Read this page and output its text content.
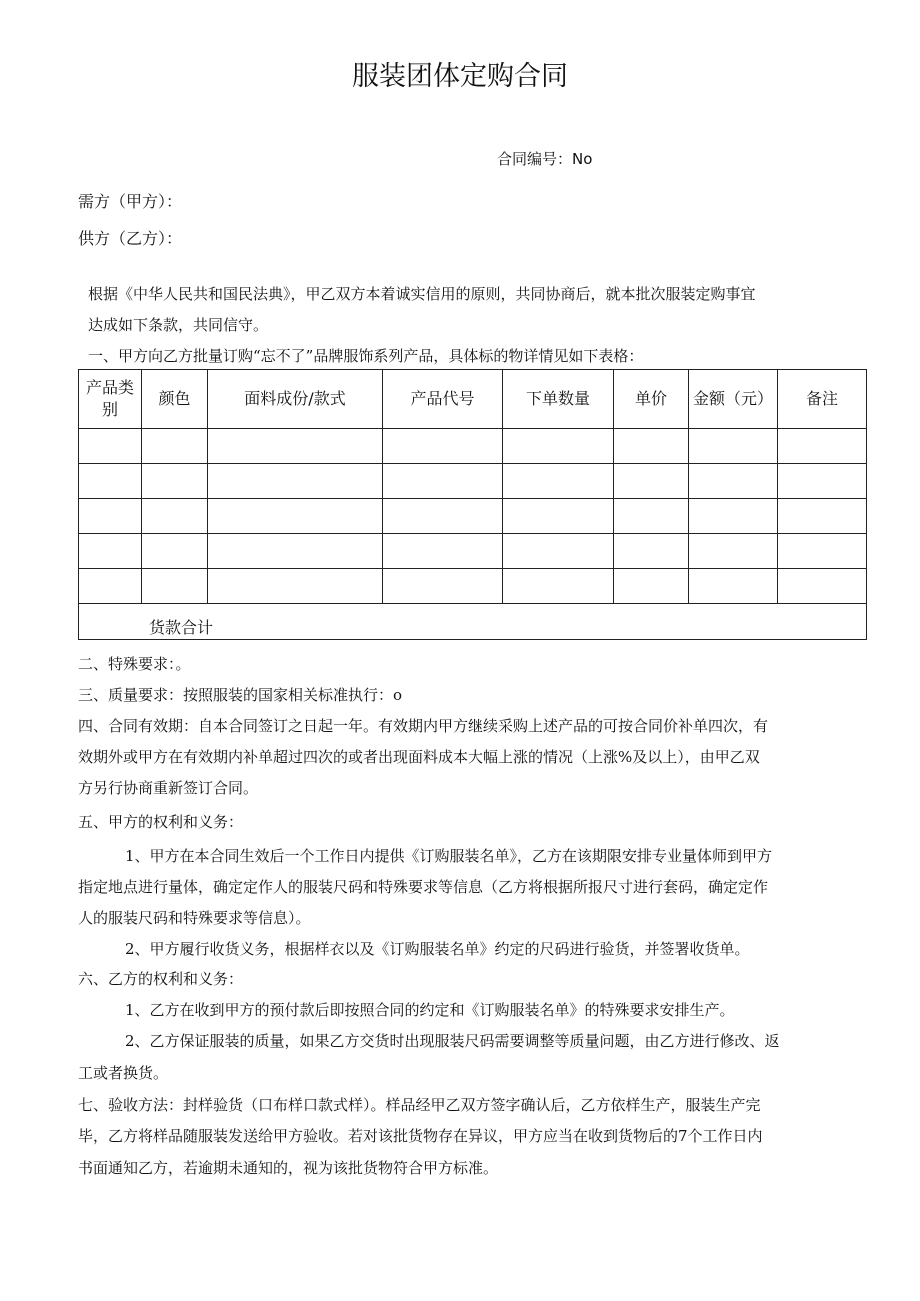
服装团体定购合同
合同编号：No
需方（甲方）：
供方（乙方）：
根据《中华人民共和国民法典》，甲乙双方本着诚实信用的原则，共同协商后，就本批次服装定购事宜
达成如下条款，共同信守。
一、甲方向乙方批量订购“忘不了”品牌服饰系列产品，具体标的物详情见如下表格：
产品类别	颜色	面料成份/款式	产品代号	下单数量	单价	金额（元）	备注

货款合计							
二、特殊要求：。
三、质量要求：按照服装的国家相关标准执行：o
四、合同有效期：自本合同签订之日起一年。有效期内甲方继续采购上述产品的可按合同价补单四次，有
效期外或甲方在有效期内补单超过四次的或者出现面料成本大幅上涨的情况（上涨%及以上），由甲乙双
方另行协商重新签订合同。
五、甲方的权利和义务：
1、甲方在本合同生效后一个工作日内提供《订购服装名单》，乙方在该期限安排专业量体师到甲方
指定地点进行量体，确定定作人的服装尺码和特殊要求等信息（乙方将根据所报尺寸进行套码，确定定作
人的服装尺码和特殊要求等信息）。
2、甲方履行收货义务，根据样衣以及《订购服装名单》约定的尺码进行验货，并签署收货单。
六、乙方的权利和义务：
1、乙方在收到甲方的预付款后即按照合同的约定和《订购服装名单》的特殊要求安排生产。
2、乙方保证服装的质量，如果乙方交货时出现服装尺码需要调整等质量问题，由乙方进行修改、返
工或者换货。
七、验收方法：封样验货（口布样口款式样）。样品经甲乙双方签字确认后，乙方依样生产，服装生产完
毕，乙方将样品随服装发送给甲方验收。若对该批货物存在异议，甲方应当在收到货物后的7个工作日内
书面通知乙方，若逾期未通知的，视为该批货物符合甲方标准。
